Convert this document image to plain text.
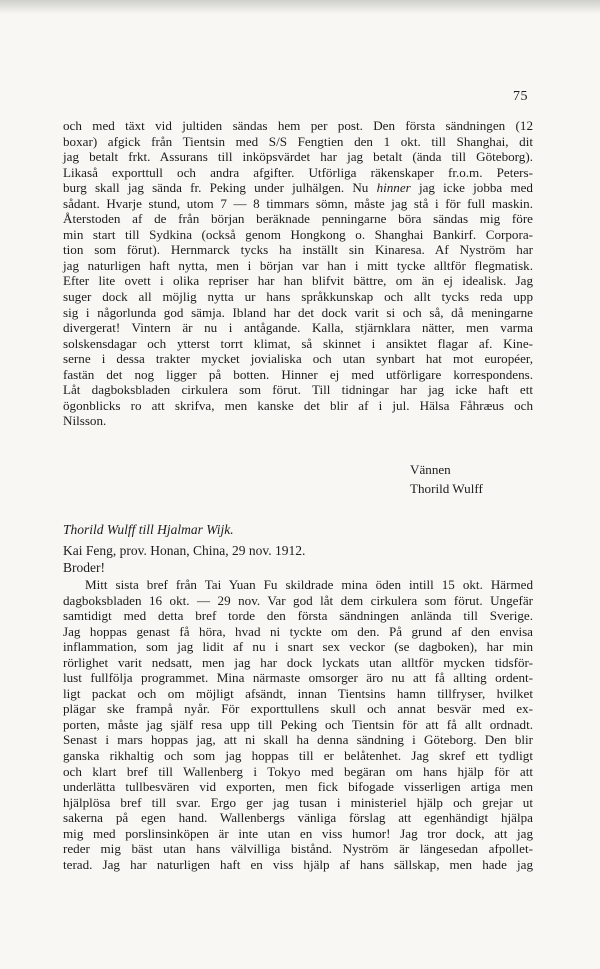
75
och med täxt vid jultiden sändas hem per post. Den första sändningen (12
boxar) afgick från Tientsin med S/S Fengtien den 1 okt. till Shanghai, dit
jag betalt frkt. Assurans till inköpsvärdet har jag betalt (ända till Göteborg).
Likaså exporttull och andra afgifter. Utförliga räkenskaper fr.o.m. Peters-
burg skall jag sända fr. Peking under julhälgen. Nu hinner jag icke jobba med
sådant. Hvarje stund, utom 7 — 8 timmars sömn, måste jag stå i för full maskin.
Återstoden af de från början beräknade penningarne böra sändas mig före
min start till Sydkina (också genom Hongkong o. Shanghai Bankirf. Corpora-
tion som förut). Hernmarck tycks ha inställt sin Kinaresa. Af Nyström har
jag naturligen haft nytta, men i början var han i mitt tycke alltför flegmatisk.
Efter lite ovett i olika repriser har han blifvit bättre, om än ej idealisk. Jag
suger dock all möjlig nytta ur hans språkkunskap och allt tycks reda upp
sig i någorlunda god sämja. Ibland har det dock varit si och så, då meningarne
divergerat! Vintern är nu i antågande. Kalla, stjärnklara nätter, men varma
solskensdagar och ytterst torrt klimat, så skinnet i ansiktet flagar af. Kine-
serne i dessa trakter mycket jovialiska och utan synbart hat mot européer,
fastän det nog ligger på botten. Hinner ej med utförligare korrespondens.
Låt dagboksbladen cirkulera som förut. Till tidningar har jag icke haft ett
ögonblicks ro att skrifva, men kanske det blir af i jul. Hälsa Fåhræus och
Nilsson.
Vännen
Thorild Wulff
Thorild Wulff till Hjalmar Wijk.
Kai Feng, prov. Honan, China, 29 nov. 1912.
Broder!
Mitt sista bref från Tai Yuan Fu skildrade mina öden intill 15 okt. Härmed
dagboksbladen 16 okt. — 29 nov. Var god låt dem cirkulera som förut. Ungefär
samtidigt med detta bref torde den första sändningen anlända till Sverige.
Jag hoppas genast få höra, hvad ni tyckte om den. På grund af den envisa
inflammation, som jag lidit af nu i snart sex veckor (se dagboken), har min
rörlighet varit nedsatt, men jag har dock lyckats utan alltför mycken tidsför-
lust fullfölja programmet. Mina närmaste omsorger äro nu att få allting ordent-
ligt packat och om möjligt afsändt, innan Tientsins hamn tillfryser, hvilket
plägar ske frampå nyår. För exporttullens skull och annat besvär med ex-
porten, måste jag själf resa upp till Peking och Tientsin för att få allt ordnadt.
Senast i mars hoppas jag, att ni skall ha denna sändning i Göteborg. Den blir
ganska rikhaltig och som jag hoppas till er belåtenhet. Jag skref ett tydligt
och klart bref till Wallenberg i Tokyo med begäran om hans hjälp för att
underlätta tullbesvären vid exporten, men fick bifogade visserligen artiga men
hjälplösa bref till svar. Ergo ger jag tusan i ministeriel hjälp och grejar ut
sakerna på egen hand. Wallenbergs vänliga förslag att egenhändigt hjälpa
mig med porslinsinköpen är inte utan en viss humor! Jag tror dock, att jag
reder mig bäst utan hans välvilliga bistånd. Nyström är längesedan afpollet-
terad. Jag har naturligen haft en viss hjälp af hans sällskap, men hade jag
